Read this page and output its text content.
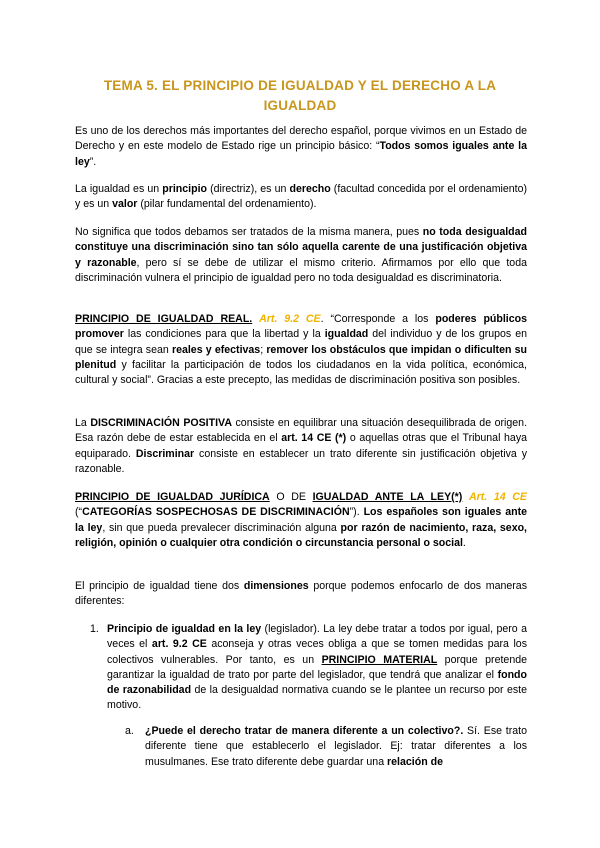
TEMA 5. EL PRINCIPIO DE IGUALDAD Y EL DERECHO A LA IGUALDAD

Es uno de los derechos más importantes del derecho español, porque vivimos en un Estado de Derecho y en este modelo de Estado rige un principio básico: “Todos somos iguales ante la ley”.

La igualdad es un principio (directriz), es un derecho (facultad concedida por el ordenamiento) y es un valor (pilar fundamental del ordenamiento).

No significa que todos debamos ser tratados de la misma manera, pues no toda desigualdad constituye una discriminación sino tan sólo aquella carente de una justificación objetiva y razonable, pero sí se debe de utilizar el mismo criterio. Afirmamos por ello que toda discriminación vulnera el principio de igualdad pero no toda desigualdad es discriminatoria.

PRINCIPIO DE IGUALDAD REAL. Art. 9.2 CE. “Corresponde a los poderes públicos promover las condiciones para que la libertad y la igualdad del individuo y de los grupos en que se integra sean reales y efectivas; remover los obstáculos que impidan o dificulten su plenitud y facilitar la participación de todos los ciudadanos en la vida política, económica, cultural y social”. Gracias a este precepto, las medidas de discriminación positiva son posibles.

La DISCRIMINACIÓN POSITIVA consiste en equilibrar una situación desequilibrada de origen. Esa razón debe de estar establecida en el art. 14 CE (*) o aquellas otras que el Tribunal haya equiparado. Discriminar consiste en establecer un trato diferente sin justificación objetiva y razonable.

PRINCIPIO DE IGUALDAD JURÍDICA O DE IGUALDAD ANTE LA LEY(*) Art. 14 CE (“CATEGORÍAS SOSPECHOSAS DE DISCRIMINACIÓN”). Los españoles son iguales ante la ley, sin que pueda prevalecer discriminación alguna por razón de nacimiento, raza, sexo, religión, opinión o cualquier otra condición o circunstancia personal o social.

El principio de igualdad tiene dos dimensiones porque podemos enfocarlo de dos maneras diferentes:

1. Principio de igualdad en la ley (legislador). La ley debe tratar a todos por igual, pero a veces el art. 9.2 CE aconseja y otras veces obliga a que se tomen medidas para los colectivos vulnerables. Por tanto, es un PRINCIPIO MATERIAL porque pretende garantizar la igualdad de trato por parte del legislador, que tendrá que analizar el fondo de razonabilidad de la desigualdad normativa cuando se le plantee un recurso por este motivo.

a. ¿Puede el derecho tratar de manera diferente a un colectivo?. Sí. Ese trato diferente tiene que establecerlo el legislador. Ej: tratar diferentes a los musulmanes. Ese trato diferente debe guardar una relación de
